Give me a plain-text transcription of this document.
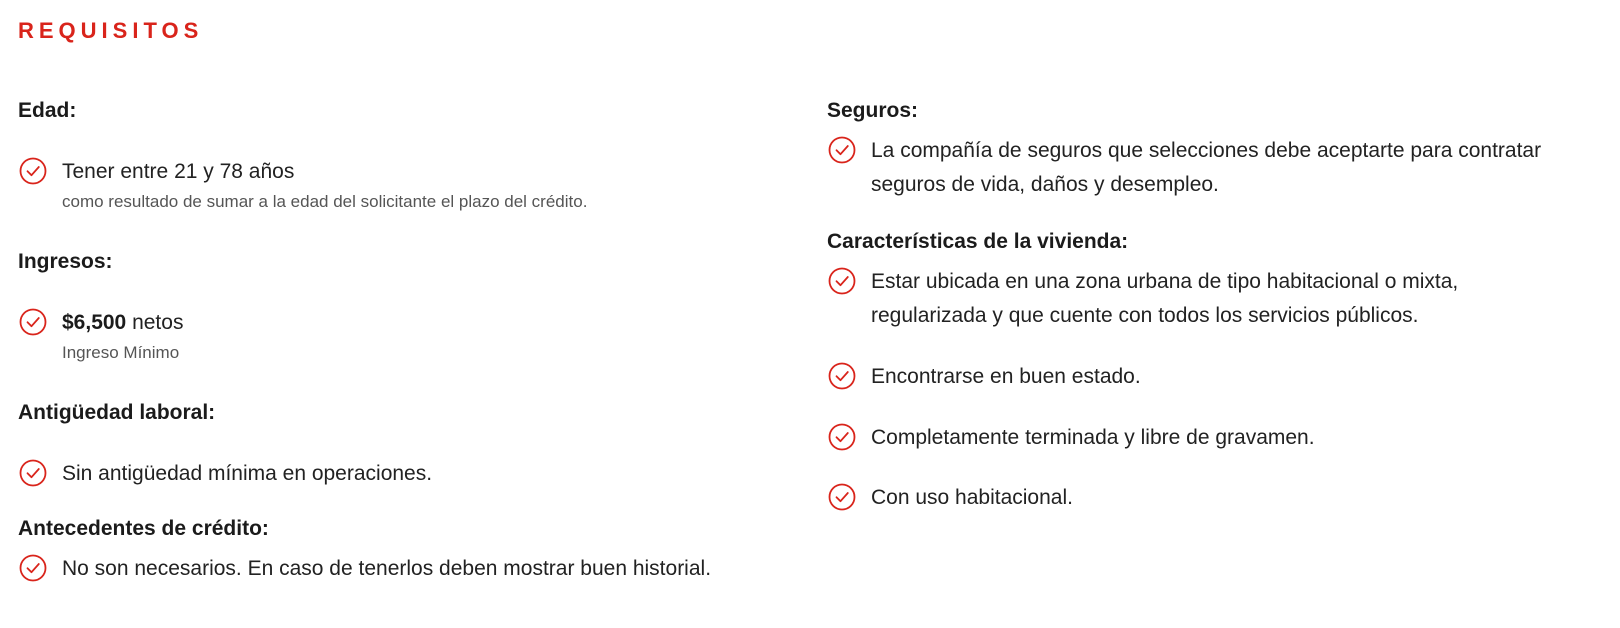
REQUISITOS
Edad:
Tener entre 21 y 78 años
como resultado de sumar a la edad del solicitante el plazo del crédito.
Ingresos:
$6,500 netos
Ingreso Mínimo
Antigüedad laboral:
Sin antigüedad mínima en operaciones.
Antecedentes de crédito:
No son necesarios. En caso de tenerlos deben mostrar buen historial.
Seguros:
La compañía de seguros que selecciones debe aceptarte para contratar seguros de vida, daños y desempleo.
Características de la vivienda:
Estar ubicada en una zona urbana de tipo habitacional o mixta, regularizada y que cuente con todos los servicios públicos.
Encontrarse en buen estado.
Completamente terminada y libre de gravamen.
Con uso habitacional.
